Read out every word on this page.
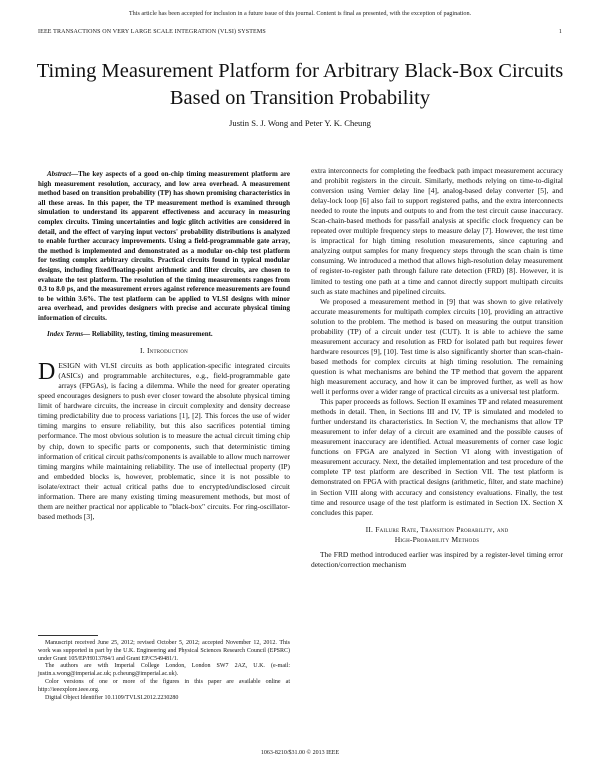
This article has been accepted for inclusion in a future issue of this journal. Content is final as presented, with the exception of pagination.
IEEE TRANSACTIONS ON VERY LARGE SCALE INTEGRATION (VLSI) SYSTEMS	1
Timing Measurement Platform for Arbitrary Black-Box Circuits Based on Transition Probability
Justin S. J. Wong and Peter Y. K. Cheung

Abstract—The key aspects of a good on-chip timing measurement platform are high measurement resolution, accuracy, and low area overhead. A measurement method based on transition probability (TP) has shown promising characteristics in all these areas. In this paper, the TP measurement method is examined through simulation to understand its apparent effectiveness and accuracy in measuring complex circuits. Timing uncertainties and logic glitch activities are considered in detail, and the effect of varying input vectors' probability distributions is analyzed to enable further accuracy improvements. Using a field-programmable gate array, the method is implemented and demonstrated as a modular on-chip test platform for testing complex arbitrary circuits. Practical circuits found in typical modular designs, including fixed/floating-point arithmetic and filter circuits, are chosen to evaluate the test platform. The resolution of the timing measurements ranges from 0.3 to 8.0 ps, and the measurement errors against reference measurements are found to be within 3.6%. The test platform can be applied to VLSI designs with minor area overhead, and provides designers with precise and accurate physical timing information of circuits.

Index Terms— Reliability, testing, timing measurement.

I. Introduction

DESIGN with VLSI circuits as both application-specific integrated circuits (ASICs) and programmable architectures, e.g., field-programmable gate arrays (FPGAs), is facing a dilemma. While the need for greater operating speed encourages designers to push ever closer toward the absolute physical timing limit of hardware circuits, the increase in circuit complexity and density decrease timing predictability due to process variations [1], [2]. This forces the use of wider timing margins to ensure reliability, but this also sacrifices potential timing performance. The most obvious solution is to measure the actual circuit timing chip by chip, down to specific parts or components, such that deterministic timing information of critical circuit paths/components is available to allow much narrower timing margins while maintaining reliability. The use of intellectual property (IP) and embedded blocks is, however, problematic, since it is not possible to isolate/extract their actual critical paths due to encrypted/undisclosed circuit information. There are many existing timing measurement methods, but most of them are neither practical nor applicable to "black-box" circuits. For ring-oscillator-based methods [3],

Manuscript received June 25, 2012; revised October 5, 2012; accepted November 12, 2012. This work was supported in part by the U.K. Engineering and Physical Sciences Research Council (EPSRC) under Grant 105/EP/H013784/1 and Grant EP/C549481/1.

The authors are with Imperial College London, London SW7 2AZ, U.K. (e-mail: justin.s.wong@imperial.ac.uk; p.cheung@imperial.ac.uk).

Color versions of one or more of the figures in this paper are available online at http://ieeexplore.ieee.org.

Digital Object Identifier 10.1109/TVLSI.2012.2230280

extra interconnects for completing the feedback path impact measurement accuracy and prohibit registers in the circuit. Similarly, methods relying on time-to-digital conversion using Vernier delay line [4], analog-based delay converter [5], and delay-lock loop [6] also fail to support registered paths, and the extra interconnects needed to route the inputs and outputs to and from the test circuit cause inaccuracy. Scan-chain-based methods for pass/fail analysis at specific clock frequency can be repeated over multiple frequency steps to measure delay [7]. However, the test time is impractical for high timing resolution measurements, since capturing and analyzing output samples for many frequency steps through the scan chain is time consuming. We introduced a method that allows high-resolution delay measurement of register-to-register path through failure rate detection (FRD) [8]. However, it is limited to testing one path at a time and cannot directly support multipath circuits such as state machines and pipelined circuits.

We proposed a measurement method in [9] that was shown to give relatively accurate measurements for multipath complex circuits [10], providing an attractive solution to the problem. The method is based on measuring the output transition probability (TP) of a circuit under test (CUT). It is able to achieve the same measurement accuracy and resolution as FRD for isolated path but requires fewer hardware resources [9], [10]. Test time is also significantly shorter than scan-chain-based methods for complex circuits at high timing resolution. The remaining question is what mechanisms are behind the TP method that govern the apparent high measurement accuracy, and how it can be improved further, as well as how well it performs over a wider range of practical circuits as a universal test platform.

This paper proceeds as follows. Section II examines TP and related measurement methods in detail. Then, in Sections III and IV, TP is simulated and modeled to further understand its characteristics. In Section V, the mechanisms that allow TP measurement to infer delay of a circuit are examined and the possible causes of measurement inaccuracy are identified. Actual measurements of corner case logic functions on FPGA are analyzed in Section VI along with investigation of measurement accuracy. Next, the detailed implementation and test procedure of the complete TP test platform are described in Section VII. The test platform is demonstrated on FPGA with practical designs (arithmetic, filter, and state machine) in Section VIII along with accuracy and consistency evaluations. Finally, the test time and resource usage of the test platform is estimated in Section IX. Section X concludes this paper.

II. Failure Rate, Transition Probability, and
High-Probability Methods

The FRD method introduced earlier was inspired by a register-level timing error detection/correction mechanism

1063-8210/$31.00 © 2013 IEEE
